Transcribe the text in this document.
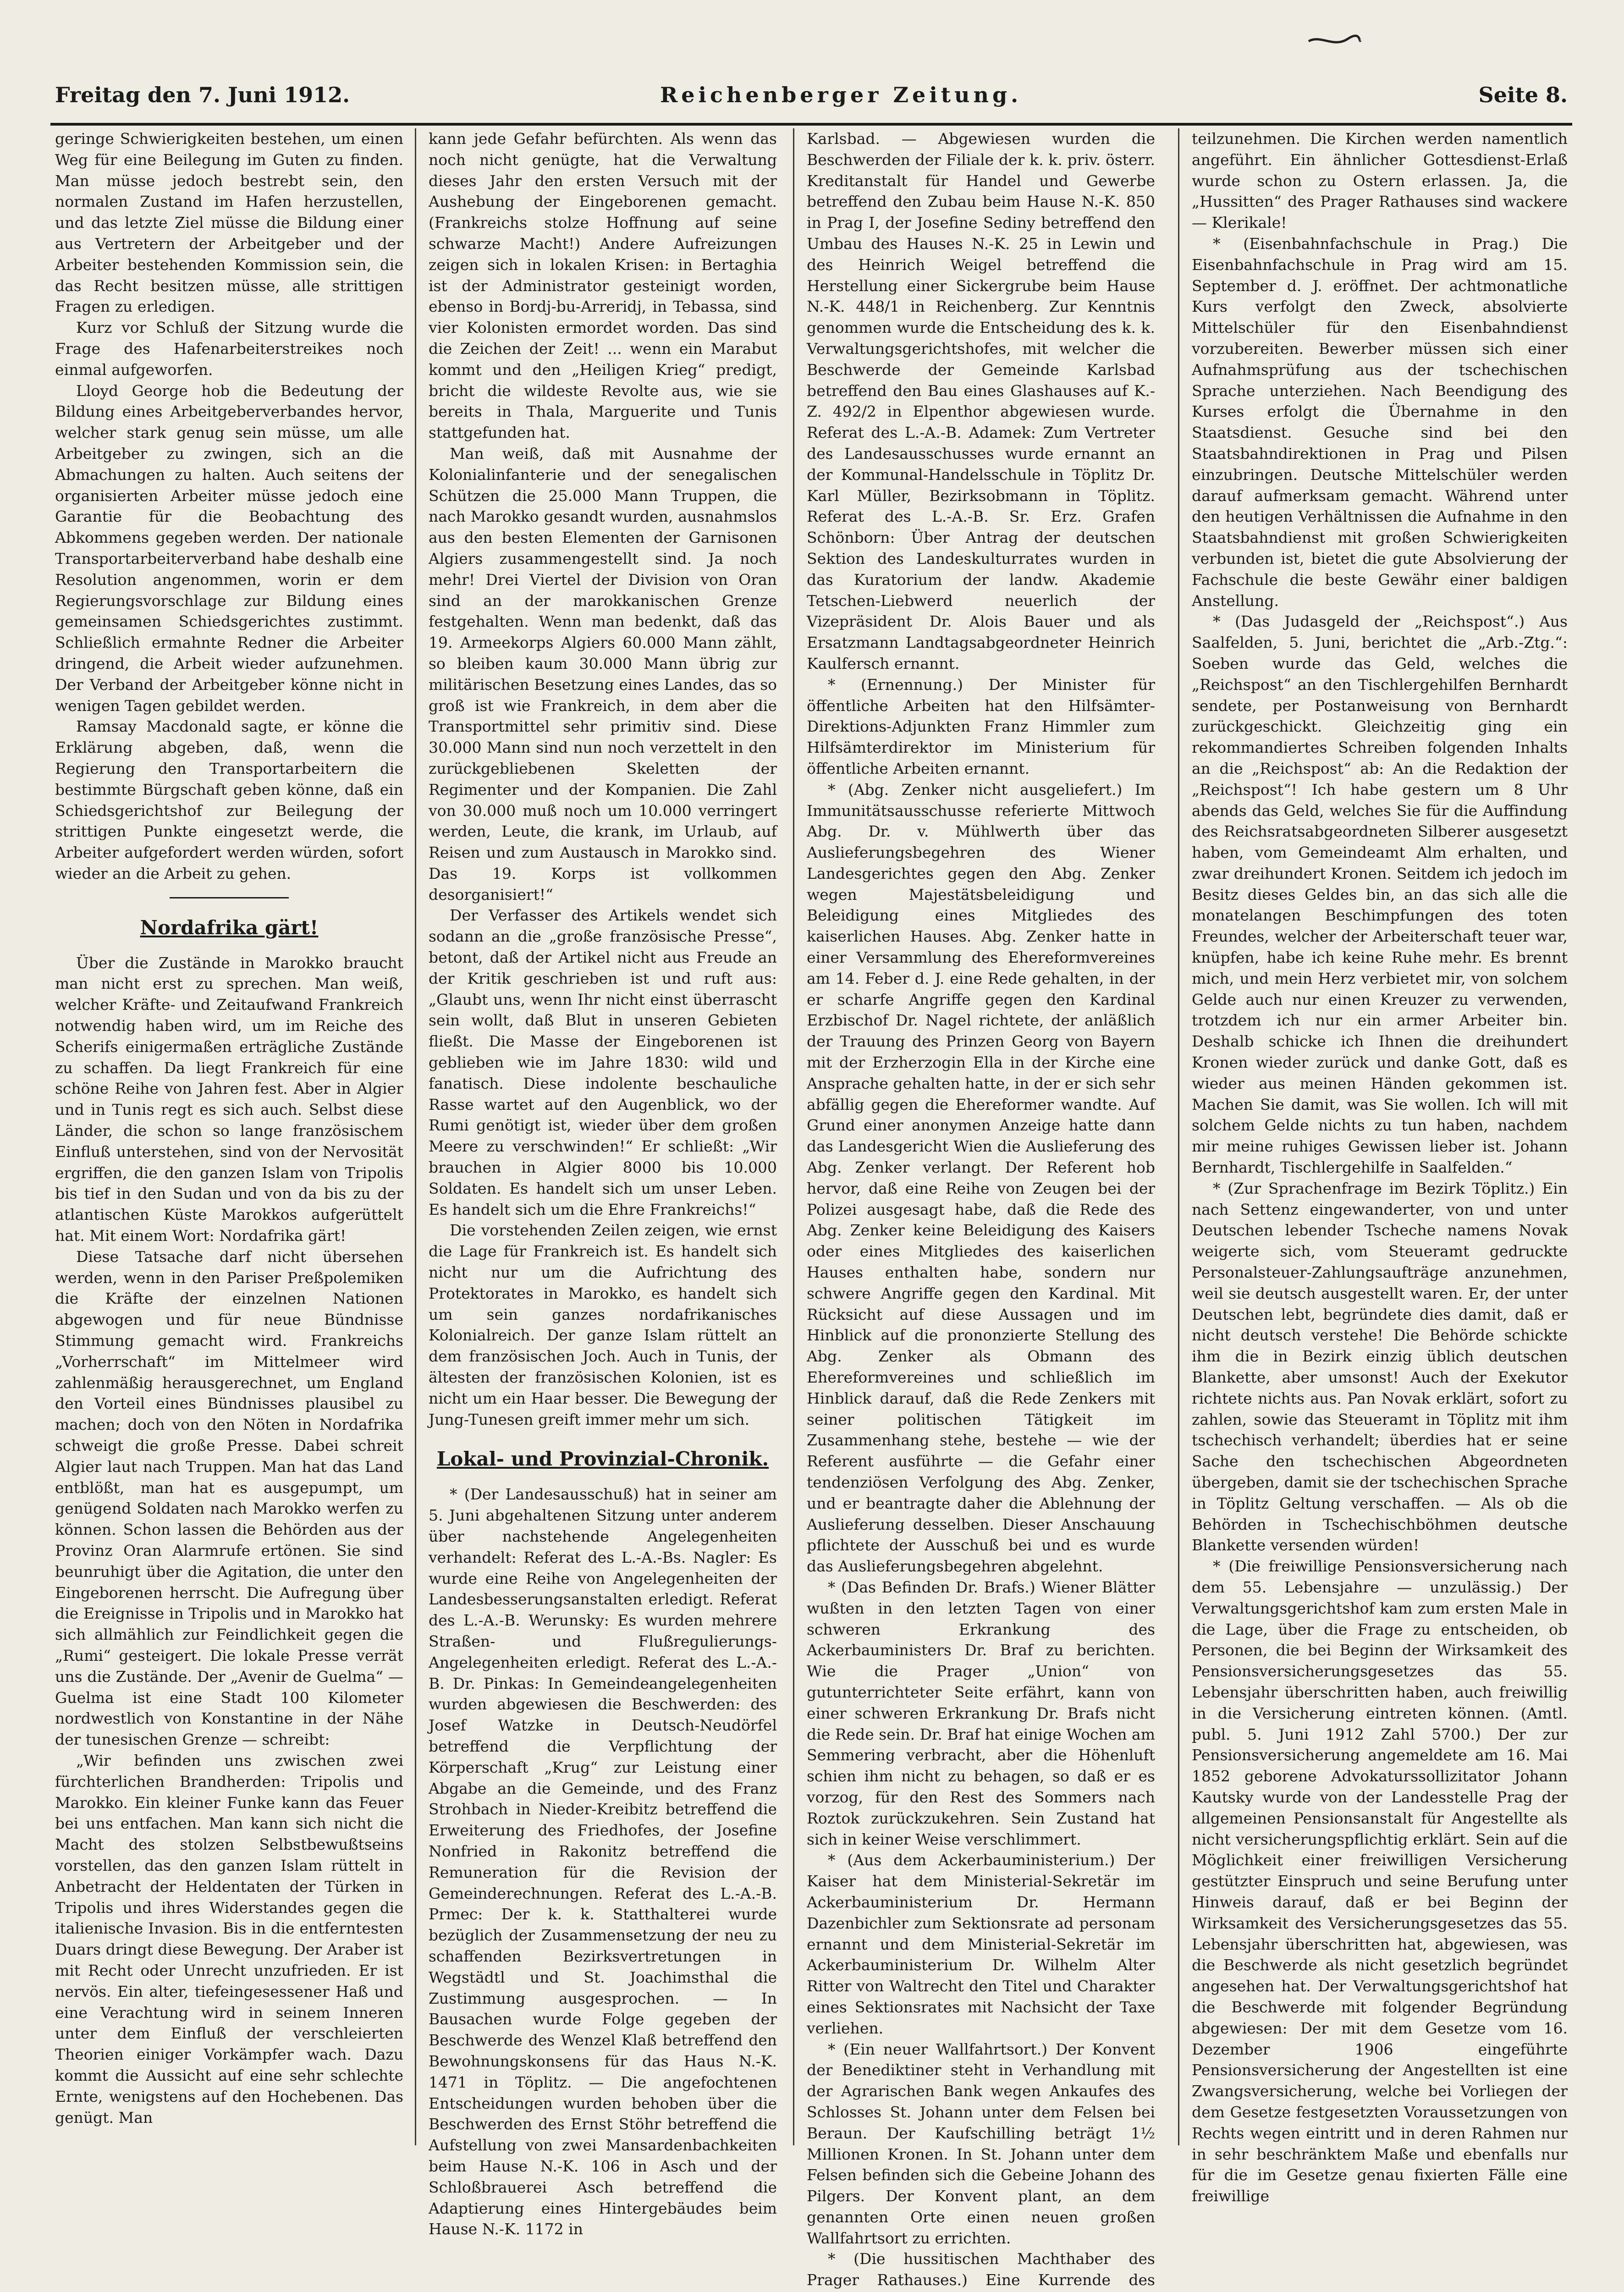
Freitag den 7. Juni 1912.	Reichenberger Zeitung.	Seite 8.

geringe Schwierigkeiten bestehen, um einen Weg für eine Beilegung im Guten zu finden. Man müsse jedoch bestrebt sein, den normalen Zustand im Hafen herzustellen, und das letzte Ziel müsse die Bildung einer aus Vertretern der Arbeitgeber und der Arbeiter bestehenden Kommission sein, die das Recht besitzen müsse, alle strittigen Fragen zu erledigen.

Kurz vor Schluß der Sitzung wurde die Frage des Hafenarbeiterstreikes noch einmal aufgeworfen.

Lloyd George hob die Bedeutung der Bildung eines Arbeitgeberverbandes hervor, welcher stark genug sein müsse, um alle Arbeitgeber zu zwingen, sich an die Abmachungen zu halten. Auch seitens der organisierten Arbeiter müsse jedoch eine Garantie für die Beobachtung des Abkommens gegeben werden. Der nationale Transportarbeiterverband habe deshalb eine Resolution angenommen, worin er dem Regierungsvorschlage zur Bildung eines gemeinsamen Schiedsgerichtes zustimmt. Schließlich ermahnte Redner die Arbeiter dringend, die Arbeit wieder aufzunehmen. Der Verband der Arbeitgeber könne nicht in wenigen Tagen gebildet werden.

Ramsay Macdonald sagte, er könne die Erklärung abgeben, daß, wenn die Regierung den Transportarbeitern die bestimmte Bürgschaft geben könne, daß ein Schiedsgerichtshof zur Beilegung der strittigen Punkte eingesetzt werde, die Arbeiter aufgefordert werden würden, sofort wieder an die Arbeit zu gehen.

Nordafrika gärt!

Über die Zustände in Marokko braucht man nicht erst zu sprechen. Man weiß, welcher Kräfte- und Zeitaufwand Frankreich notwendig haben wird, um im Reiche des Scherifs einigermaßen erträgliche Zustände zu schaffen. Da liegt Frankreich für eine schöne Reihe von Jahren fest. Aber in Algier und in Tunis regt es sich auch. Selbst diese Länder, die schon so lange französischem Einfluß unterstehen, sind von der Nervosität ergriffen, die den ganzen Islam von Tripolis bis tief in den Sudan und von da bis zu der atlantischen Küste Marokkos aufgerüttelt hat. Mit einem Wort: Nordafrika gärt!

Diese Tatsache darf nicht übersehen werden, wenn in den Pariser Preßpolemiken die Kräfte der einzelnen Nationen abgewogen und für neue Bündnisse Stimmung gemacht wird. Frankreichs „Vorherrschaft“ im Mittelmeer wird zahlenmäßig herausgerechnet, um England den Vorteil eines Bündnisses plausibel zu machen; doch von den Nöten in Nordafrika schweigt die große Presse. Dabei schreit Algier laut nach Truppen. Man hat das Land entblößt, man hat es ausgepumpt, um genügend Soldaten nach Marokko werfen zu können. Schon lassen die Behörden aus der Provinz Oran Alarmrufe ertönen. Sie sind beunruhigt über die Agitation, die unter den Eingeborenen herrscht. Die Aufregung über die Ereignisse in Tripolis und in Marokko hat sich allmählich zur Feindlichkeit gegen die „Rumi“ gesteigert. Die lokale Presse verrät uns die Zustände. Der „Avenir de Guelma“ — Guelma ist eine Stadt 100 Kilometer nordwestlich von Konstantine in der Nähe der tunesischen Grenze — schreibt:

„Wir befinden uns zwischen zwei fürchterlichen Brandherden: Tripolis und Marokko. Ein kleiner Funke kann das Feuer bei uns entfachen. Man kann sich nicht die Macht des stolzen Selbstbewußtseins vorstellen, das den ganzen Islam rüttelt in Anbetracht der Heldentaten der Türken in Tripolis und ihres Widerstandes gegen die italienische Invasion. Bis in die entferntesten Duars dringt diese Bewegung. Der Araber ist mit Recht oder Unrecht unzufrieden. Er ist nervös. Ein alter, tiefeingesessener Haß und eine Verachtung wird in seinem Inneren unter dem Einfluß der verschleierten Theorien einiger Vorkämpfer wach. Dazu kommt die Aussicht auf eine sehr schlechte Ernte, wenigstens auf den Hochebenen. Das genügt. Man

kann jede Gefahr befürchten. Als wenn das noch nicht genügte, hat die Verwaltung dieses Jahr den ersten Versuch mit der Aushebung der Eingeborenen gemacht. (Frankreichs stolze Hoffnung auf seine schwarze Macht!) Andere Aufreizungen zeigen sich in lokalen Krisen: in Bertaghia ist der Administrator gesteinigt worden, ebenso in Bordj-bu-Arreridj, in Tebassa, sind vier Kolonisten ermordet worden. Das sind die Zeichen der Zeit! ... wenn ein Marabut kommt und den „Heiligen Krieg“ predigt, bricht die wildeste Revolte aus, wie sie bereits in Thala, Marguerite und Tunis stattgefunden hat.

Man weiß, daß mit Ausnahme der Kolonialinfanterie und der senegalischen Schützen die 25.000 Mann Truppen, die nach Marokko gesandt wurden, ausnahmslos aus den besten Elementen der Garnisonen Algiers zusammengestellt sind. Ja noch mehr! Drei Viertel der Division von Oran sind an der marokkanischen Grenze festgehalten. Wenn man bedenkt, daß das 19. Armeekorps Algiers 60.000 Mann zählt, so bleiben kaum 30.000 Mann übrig zur militärischen Besetzung eines Landes, das so groß ist wie Frankreich, in dem aber die Transportmittel sehr primitiv sind. Diese 30.000 Mann sind nun noch verzettelt in den zurückgebliebenen Skeletten der Regimenter und der Kompanien. Die Zahl von 30.000 muß noch um 10.000 verringert werden, Leute, die krank, im Urlaub, auf Reisen und zum Austausch in Marokko sind. Das 19. Korps ist vollkommen desorganisiert!“

Der Verfasser des Artikels wendet sich sodann an die „große französische Presse“, betont, daß der Artikel nicht aus Freude an der Kritik geschrieben ist und ruft aus: „Glaubt uns, wenn Ihr nicht einst überrascht sein wollt, daß Blut in unseren Gebieten fließt. Die Masse der Eingeborenen ist geblieben wie im Jahre 1830: wild und fanatisch. Diese indolente beschauliche Rasse wartet auf den Augenblick, wo der Rumi genötigt ist, wieder über dem großen Meere zu verschwinden!“ Er schließt: „Wir brauchen in Algier 8000 bis 10.000 Soldaten. Es handelt sich um unser Leben. Es handelt sich um die Ehre Frankreichs!“

Die vorstehenden Zeilen zeigen, wie ernst die Lage für Frankreich ist. Es handelt sich nicht nur um die Aufrichtung des Protektorates in Marokko, es handelt sich um sein ganzes nordafrikanisches Kolonialreich. Der ganze Islam rüttelt an dem französischen Joch. Auch in Tunis, der ältesten der französischen Kolonien, ist es nicht um ein Haar besser. Die Bewegung der Jung-Tunesen greift immer mehr um sich.

Lokal- und Provinzial-Chronik.

* (Der Landesausschuß) hat in seiner am 5. Juni abgehaltenen Sitzung unter anderem über nachstehende Angelegenheiten verhandelt: Referat des L.-A.-Bs. Nagler: Es wurde eine Reihe von Angelegenheiten der Landesbesserungsanstalten erledigt. Referat des L.-A.-B. Werunsky: Es wurden mehrere Straßen- und Flußregulierungs-Angelegenheiten erledigt. Referat des L.-A.-B. Dr. Pinkas: In Gemeindeangelegenheiten wurden abgewiesen die Beschwerden: des Josef Watzke in Deutsch-Neudörfel betreffend die Verpflichtung der Körperschaft „Krug“ zur Leistung einer Abgabe an die Gemeinde, und des Franz Strohbach in Nieder-Kreibitz betreffend die Erweiterung des Friedhofes, der Josefine Nonfried in Rakonitz betreffend die Remuneration für die Revision der Gemeinderechnungen. Referat des L.-A.-B. Prmec: Der k. k. Statthalterei wurde bezüglich der Zusammensetzung der neu zu schaffenden Bezirksvertretungen in Wegstädtl und St. Joachimsthal die Zustimmung ausgesprochen. — In Bausachen wurde Folge gegeben der Beschwerde des Wenzel Klaß betreffend den Bewohnungskonsens für das Haus N.-K. 1471 in Töplitz. — Die angefochtenen Entscheidungen wurden behoben über die Beschwerden des Ernst Stöhr betreffend die Aufstellung von zwei Mansardenbachkeiten beim Hause N.-K. 106 in Asch und der Schloßbrauerei Asch betreffend die Adaptierung eines Hintergebäudes beim Hause N.-K. 1172 in

Karlsbad. — Abgewiesen wurden die Beschwerden der Filiale der k. k. priv. österr. Kreditanstalt für Handel und Gewerbe betreffend den Zubau beim Hause N.-K. 850 in Prag I, der Josefine Sediny betreffend den Umbau des Hauses N.-K. 25 in Lewin und des Heinrich Weigel betreffend die Herstellung einer Sickergrube beim Hause N.-K. 448/1 in Reichenberg. Zur Kenntnis genommen wurde die Entscheidung des k. k. Verwaltungsgerichtshofes, mit welcher die Beschwerde der Gemeinde Karlsbad betreffend den Bau eines Glashauses auf K.-Z. 492/2 in Elpenthor abgewiesen wurde. Referat des L.-A.-B. Adamek: Zum Vertreter des Landesausschusses wurde ernannt an der Kommunal-Handelsschule in Töplitz Dr. Karl Müller, Bezirksobmann in Töplitz. Referat des L.-A.-B. Sr. Erz. Grafen Schönborn: Über Antrag der deutschen Sektion des Landeskulturrates wurden in das Kuratorium der landw. Akademie Tetschen-Liebwerd neuerlich der Vizepräsident Dr. Alois Bauer und als Ersatzmann Landtagsabgeordneter Heinrich Kaulfersch ernannt.

* (Ernennung.) Der Minister für öffentliche Arbeiten hat den Hilfsämter-Direktions-Adjunkten Franz Himmler zum Hilfsämterdirektor im Ministerium für öffentliche Arbeiten ernannt.

* (Abg. Zenker nicht ausgeliefert.) Im Immunitätsausschusse referierte Mittwoch Abg. Dr. v. Mühlwerth über das Auslieferungsbegehren des Wiener Landesgerichtes gegen den Abg. Zenker wegen Majestätsbeleidigung und Beleidigung eines Mitgliedes des kaiserlichen Hauses. Abg. Zenker hatte in einer Versammlung des Ehereformvereines am 14. Feber d. J. eine Rede gehalten, in der er scharfe Angriffe gegen den Kardinal Erzbischof Dr. Nagel richtete, der anläßlich der Trauung des Prinzen Georg von Bayern mit der Erzherzogin Ella in der Kirche eine Ansprache gehalten hatte, in der er sich sehr abfällig gegen die Ehereformer wandte. Auf Grund einer anonymen Anzeige hatte dann das Landesgericht Wien die Auslieferung des Abg. Zenker verlangt. Der Referent hob hervor, daß eine Reihe von Zeugen bei der Polizei ausgesagt habe, daß die Rede des Abg. Zenker keine Beleidigung des Kaisers oder eines Mitgliedes des kaiserlichen Hauses enthalten habe, sondern nur schwere Angriffe gegen den Kardinal. Mit Rücksicht auf diese Aussagen und im Hinblick auf die prononzierte Stellung des Abg. Zenker als Obmann des Ehereformvereines und schließlich im Hinblick darauf, daß die Rede Zenkers mit seiner politischen Tätigkeit im Zusammenhang stehe, bestehe — wie der Referent ausführte — die Gefahr einer tendenziösen Verfolgung des Abg. Zenker, und er beantragte daher die Ablehnung der Auslieferung desselben. Dieser Anschauung pflichtete der Ausschuß bei und es wurde das Auslieferungsbegehren abgelehnt.

* (Das Befinden Dr. Brafs.) Wiener Blätter wußten in den letzten Tagen von einer schweren Erkrankung des Ackerbauministers Dr. Braf zu berichten. Wie die Prager „Union“ von gutunterrichteter Seite erfährt, kann von einer schweren Erkrankung Dr. Brafs nicht die Rede sein. Dr. Braf hat einige Wochen am Semmering verbracht, aber die Höhenluft schien ihm nicht zu behagen, so daß er es vorzog, für den Rest des Sommers nach Roztok zurückzukehren. Sein Zustand hat sich in keiner Weise verschlimmert.

* (Aus dem Ackerbauministerium.) Der Kaiser hat dem Ministerial-Sekretär im Ackerbauministerium Dr. Hermann Dazenbichler zum Sektionsrate ad personam ernannt und dem Ministerial-Sekretär im Ackerbauministerium Dr. Wilhelm Alter Ritter von Waltrecht den Titel und Charakter eines Sektionsrates mit Nachsicht der Taxe verliehen.

* (Ein neuer Wallfahrtsort.) Der Konvent der Benediktiner steht in Verhandlung mit der Agrarischen Bank wegen Ankaufes des Schlosses St. Johann unter dem Felsen bei Beraun. Der Kaufschilling beträgt 1½ Millionen Kronen. In St. Johann unter dem Felsen befinden sich die Gebeine Johann des Pilgers. Der Konvent plant, an dem genannten Orte einen neuen großen Wallfahrtsort zu errichten.

* (Die hussitischen Machthaber des Prager Rathauses.) Eine Kurrende des

teilzunehmen. Die Kirchen werden namentlich angeführt. Ein ähnlicher Gottesdienst-Erlaß wurde schon zu Ostern erlassen. Ja, die „Hussitten“ des Prager Rathauses sind wackere — Klerikale!

* (Eisenbahnfachschule in Prag.) Die Eisenbahnfachschule in Prag wird am 15. September d. J. eröffnet. Der achtmonatliche Kurs verfolgt den Zweck, absolvierte Mittelschüler für den Eisenbahndienst vorzubereiten. Bewerber müssen sich einer Aufnahmsprüfung aus der tschechischen Sprache unterziehen. Nach Beendigung des Kurses erfolgt die Übernahme in den Staatsdienst. Gesuche sind bei den Staatsbahndirektionen in Prag und Pilsen einzubringen. Deutsche Mittelschüler werden darauf aufmerksam gemacht. Während unter den heutigen Verhältnissen die Aufnahme in den Staatsbahndienst mit großen Schwierigkeiten verbunden ist, bietet die gute Absolvierung der Fachschule die beste Gewähr einer baldigen Anstellung.

* (Das Judasgeld der „Reichspost“.) Aus Saalfelden, 5. Juni, berichtet die „Arb.-Ztg.“: Soeben wurde das Geld, welches die „Reichspost“ an den Tischlergehilfen Bernhardt sendete, per Postanweisung von Bernhardt zurückgeschickt. Gleichzeitig ging ein rekommandiertes Schreiben folgenden Inhalts an die „Reichspost“ ab: An die Redaktion der „Reichspost“! Ich habe gestern um 8 Uhr abends das Geld, welches Sie für die Auffindung des Reichsratsabgeordneten Silberer ausgesetzt haben, vom Gemeindeamt Alm erhalten, und zwar dreihundert Kronen. Seitdem ich jedoch im Besitz dieses Geldes bin, an das sich alle die monatelangen Beschimpfungen des toten Freundes, welcher der Arbeiterschaft teuer war, knüpfen, habe ich keine Ruhe mehr. Es brennt mich, und mein Herz verbietet mir, von solchem Gelde auch nur einen Kreuzer zu verwenden, trotzdem ich nur ein armer Arbeiter bin. Deshalb schicke ich Ihnen die dreihundert Kronen wieder zurück und danke Gott, daß es wieder aus meinen Händen gekommen ist. Machen Sie damit, was Sie wollen. Ich will mit solchem Gelde nichts zu tun haben, nachdem mir meine ruhiges Gewissen lieber ist. Johann Bernhardt, Tischlergehilfe in Saalfelden.“

* (Zur Sprachenfrage im Bezirk Töplitz.) Ein nach Settenz eingewanderter, von und unter Deutschen lebender Tscheche namens Novak weigerte sich, vom Steueramt gedruckte Personalsteuer-Zahlungsaufträge anzunehmen, weil sie deutsch ausgestellt waren. Er, der unter Deutschen lebt, begründete dies damit, daß er nicht deutsch verstehe! Die Behörde schickte ihm die in Bezirk einzig üblich deutschen Blankette, aber umsonst! Auch der Exekutor richtete nichts aus. Pan Novak erklärt, sofort zu zahlen, sowie das Steueramt in Töplitz mit ihm tschechisch verhandelt; überdies hat er seine Sache den tschechischen Abgeordneten übergeben, damit sie der tschechischen Sprache in Töplitz Geltung verschaffen. — Als ob die Behörden in Tschechischböhmen deutsche Blankette versenden würden!

* (Die freiwillige Pensionsversicherung nach dem 55. Lebensjahre — unzulässig.) Der Verwaltungsgerichtshof kam zum ersten Male in die Lage, über die Frage zu entscheiden, ob Personen, die bei Beginn der Wirksamkeit des Pensionsversicherungsgesetzes das 55. Lebensjahr überschritten haben, auch freiwillig in die Versicherung eintreten können. (Amtl. publ. 5. Juni 1912 Zahl 5700.) Der zur Pensionsversicherung angemeldete am 16. Mai 1852 geborene Advokaturssollizitator Johann Kautsky wurde von der Landesstelle Prag der allgemeinen Pensionsanstalt für Angestellte als nicht versicherungspflichtig erklärt. Sein auf die Möglichkeit einer freiwilligen Versicherung gestützter Einspruch und seine Berufung unter Hinweis darauf, daß er bei Beginn der Wirksamkeit des Versicherungsgesetzes das 55. Lebensjahr überschritten hat, abgewiesen, was die Beschwerde als nicht gesetzlich begründet angesehen hat. Der Verwaltungsgerichtshof hat die Beschwerde mit folgender Begründung abgewiesen: Der mit dem Gesetze vom 16. Dezember 1906 eingeführte Pensionsversicherung der Angestellten ist eine Zwangsversicherung, welche bei Vorliegen der dem Gesetze festgesetzten Voraussetzungen von Rechts wegen eintritt und in deren Rahmen nur in sehr beschränktem Maße und ebenfalls nur für die im Gesetze genau fixierten Fälle eine freiwillige
